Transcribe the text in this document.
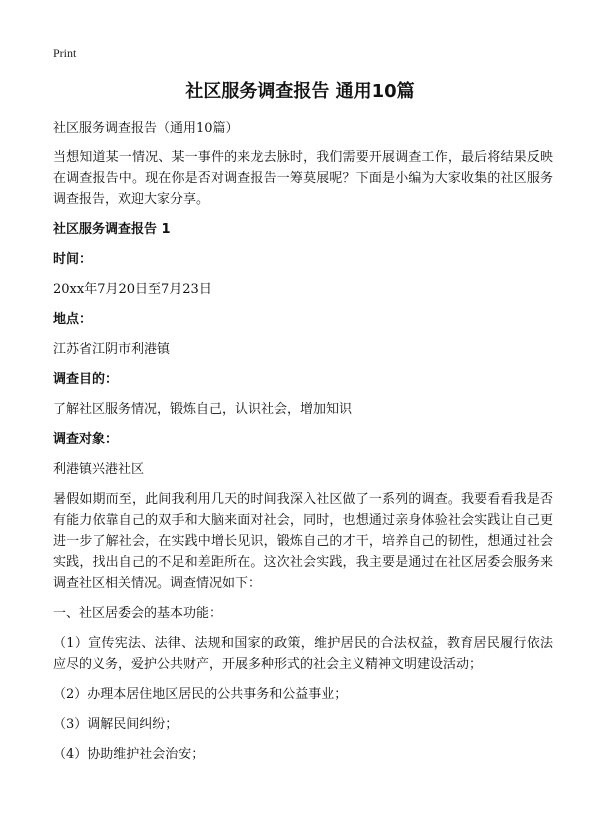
Print
社区服务调查报告 通用10篇

社区服务调查报告（通用10篇）

当想知道某一情况、某一事件的来龙去脉时，我们需要开展调查工作，最后将结果反映在调查报告中。现在你是否对调查报告一筹莫展呢？下面是小编为大家收集的社区服务调查报告，欢迎大家分享。

社区服务调查报告 1

时间：

20xx年7月20日至7月23日

地点：

江苏省江阴市利港镇

调查目的：

了解社区服务情况，锻炼自己，认识社会，增加知识

调查对象：

利港镇兴港社区

暑假如期而至，此间我利用几天的时间我深入社区做了一系列的调查。我要看看我是否有能力依靠自己的双手和大脑来面对社会，同时，也想通过亲身体验社会实践让自己更进一步了解社会，在实践中增长见识，锻炼自己的才干，培养自己的韧性，想通过社会实践，找出自己的不足和差距所在。这次社会实践，我主要是通过在社区居委会服务来调查社区相关情况。调查情况如下：

一、社区居委会的基本功能：

（1）宣传宪法、法律、法规和国家的政策，维护居民的合法权益，教育居民履行依法应尽的义务，爱护公共财产，开展多种形式的社会主义精神文明建设活动；

（2）办理本居住地区居民的公共事务和公益事业；

（3）调解民间纠纷；

（4）协助维护社会治安；
